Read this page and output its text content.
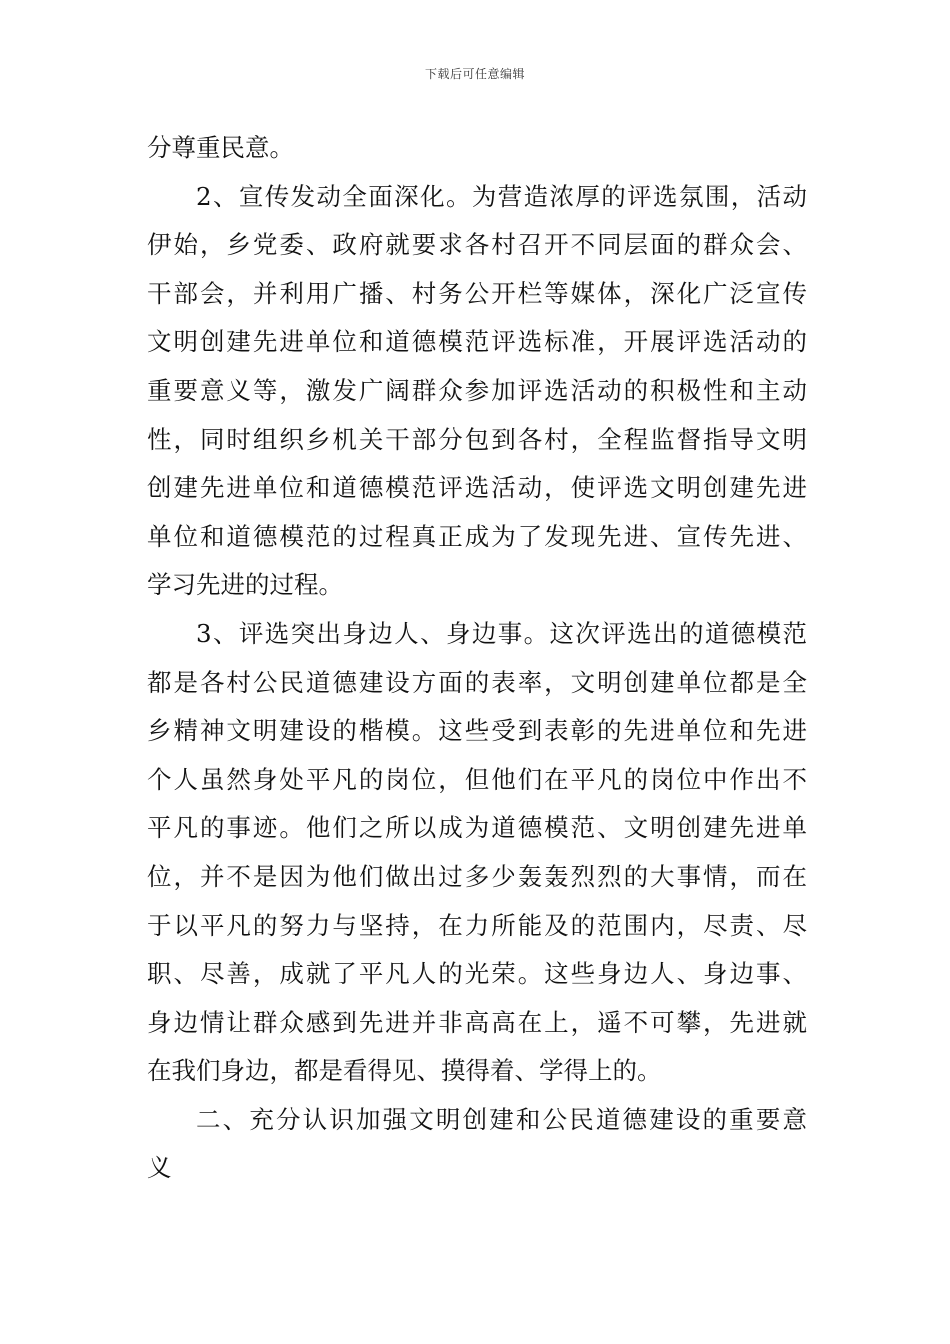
下载后可任意编辑
分尊重民意。
2、宣传发动全面深化。为营造浓厚的评选氛围，活动
伊始，乡党委、政府就要求各村召开不同层面的群众会、
干部会，并利用广播、村务公开栏等媒体，深化广泛宣传
文明创建先进单位和道德模范评选标准，开展评选活动的
重要意义等，激发广阔群众参加评选活动的积极性和主动
性，同时组织乡机关干部分包到各村，全程监督指导文明
创建先进单位和道德模范评选活动，使评选文明创建先进
单位和道德模范的过程真正成为了发现先进、宣传先进、
学习先进的过程。
3、评选突出身边人、身边事。这次评选出的道德模范
都是各村公民道德建设方面的表率，文明创建单位都是全
乡精神文明建设的楷模。这些受到表彰的先进单位和先进
个人虽然身处平凡的岗位，但他们在平凡的岗位中作出不
平凡的事迹。他们之所以成为道德模范、文明创建先进单
位，并不是因为他们做出过多少轰轰烈烈的大事情，而在
于以平凡的努力与坚持，在力所能及的范围内，尽责、尽
职、尽善，成就了平凡人的光荣。这些身边人、身边事、
身边情让群众感到先进并非高高在上，遥不可攀，先进就
在我们身边，都是看得见、摸得着、学得上的。
二、充分认识加强文明创建和公民道德建设的重要意
义
